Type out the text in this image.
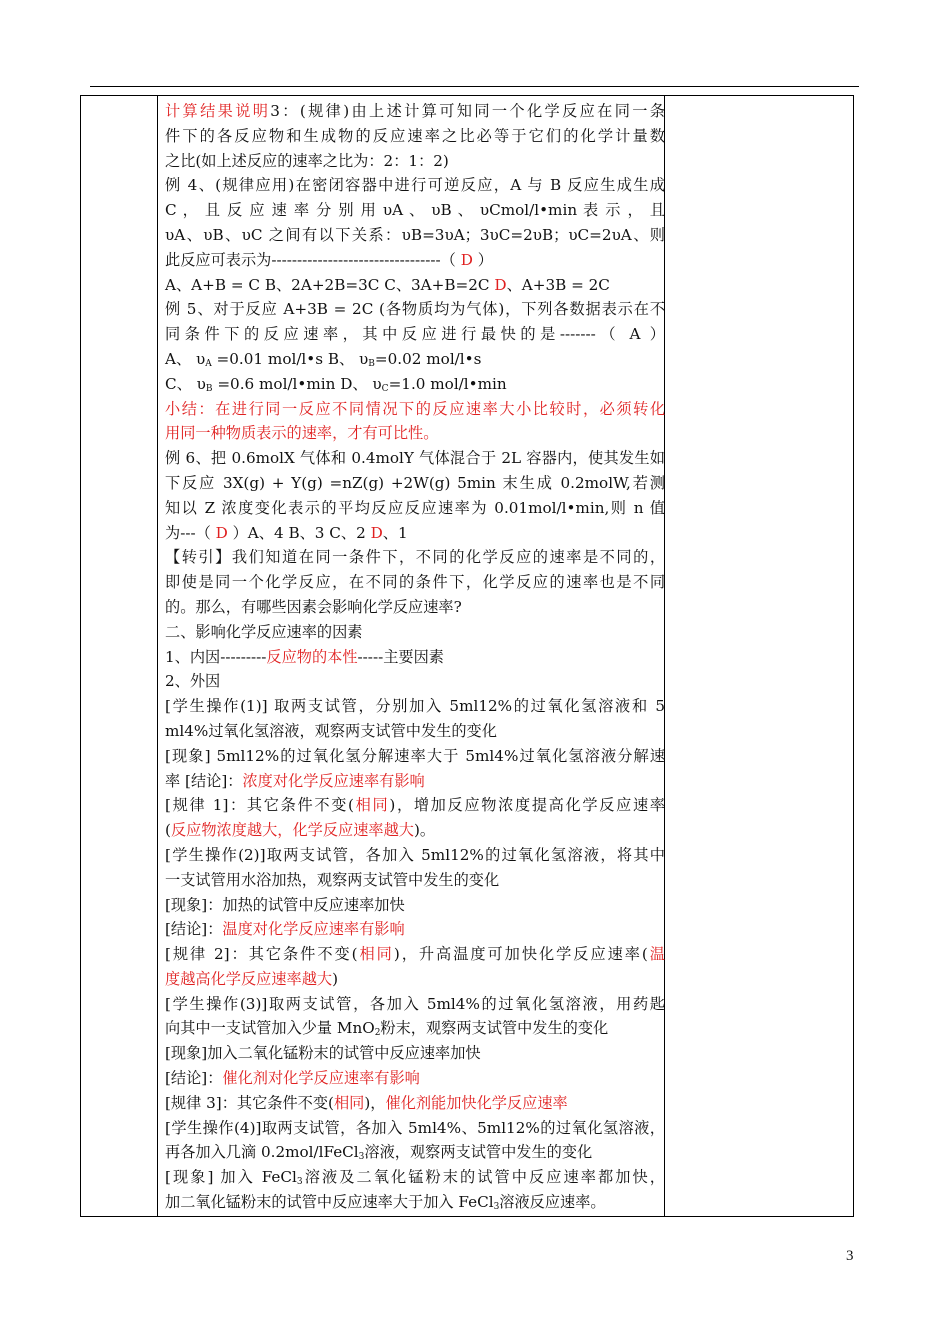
计算结果说明3：(规律)由上述计算可知同一个化学反应在同一条
件下的各反应物和生成物的反应速率之比必等于它们的化学计量数
之比(如上述反应的速率之比为：2：1：2)
例 4、(规律应用)在密闭容器中进行可逆反应，A 与 B 反应生成生成
C ， 且 反 应 速 率 分 别 用 υA 、 υB 、 υCmol/l•min 表 示 ， 且
υA、υB、υC 之间有以下关系：υB=3υA；3υC=2υB；υC=2υA、则
此反应可表示为---------------------------------（ D ）
A、A+B = C B、2A+2B=3C C、3A+B=2C D、A+3B = 2C
例 5、对于反应 A+3B = 2C (各物质均为气体)，下列各数据表示在不
同条件下的反应速率，其中反应进行最快的是-------（ A ）
A、 $\upsilon_A =0.01$ mol/l•s B、 $\upsilon_B=0.02$ mol/l•s
C、 $\upsilon_B =0.6$ mol/l•min D、 $\upsilon_C=1.0$ mol/l•min
小结：在进行同一反应不同情况下的反应速率大小比较时，必须转化
用同一种物质表示的速率，才有可比性。
例 6、把 0.6molX 气体和 0.4molY 气体混合于 2L 容器内，使其发生如
下反应 3X(g) + Y(g) =nZ(g) +2W(g) 5min 末生成 0.2molW,若测
知以 Z 浓度变化表示的平均反应反应速率为 0.01mol/l•min,则 n 值
为---（ D ）A、4 B、3 C、2 D、1
【转引】我们知道在同一条件下，不同的化学反应的速率是不同的，
即使是同一个化学反应，在不同的条件下，化学反应的速率也是不同
的。那么，有哪些因素会影响化学反应速率?
二、影响化学反应速率的因素
1、内因---------反应物的本性-----主要因素
2、外因
[学生操作(1)] 取两支试管，分别加入 5ml12%的过氧化氢溶液和 5
ml4%过氧化氢溶液，观察两支试管中发生的变化
[现象] 5ml12%的过氧化氢分解速率大于 5ml4%过氧化氢溶液分解速
率 [结论]：浓度对化学反应速率有影响
[规律 1]：其它条件不变(相同)，增加反应物浓度提高化学反应速率
(反应物浓度越大，化学反应速率越大)。
[学生操作(2)]取两支试管，各加入 5ml12%的过氧化氢溶液，将其中
一支试管用水浴加热，观察两支试管中发生的变化
[现象]：加热的试管中反应速率加快
[结论]：温度对化学反应速率有影响
[规律 2]：其它条件不变(相同)，升高温度可加快化学反应速率(温
度越高化学反应速率越大)
[学生操作(3)]取两支试管，各加入 5ml4%的过氧化氢溶液，用药匙
向其中一支试管加入少量 MnO$_2$粉末，观察两支试管中发生的变化
[现象]加入二氧化锰粉末的试管中反应速率加快
[结论]：催化剂对化学反应速率有影响
[规律 3]：其它条件不变(相同)，催化剂能加快化学反应速率
[学生操作(4)]取两支试管，各加入 5ml4%、5ml12%的过氧化氢溶液，
再各加入几滴 0.2mol/lFeCl$_3$溶液，观察两支试管中发生的变化
[现象] 加入 FeCl$_3$溶液及二氧化锰粉末的试管中反应速率都加快，
加二氧化锰粉末的试管中反应速率大于加入 FeCl$_3$溶液反应速率。
3
